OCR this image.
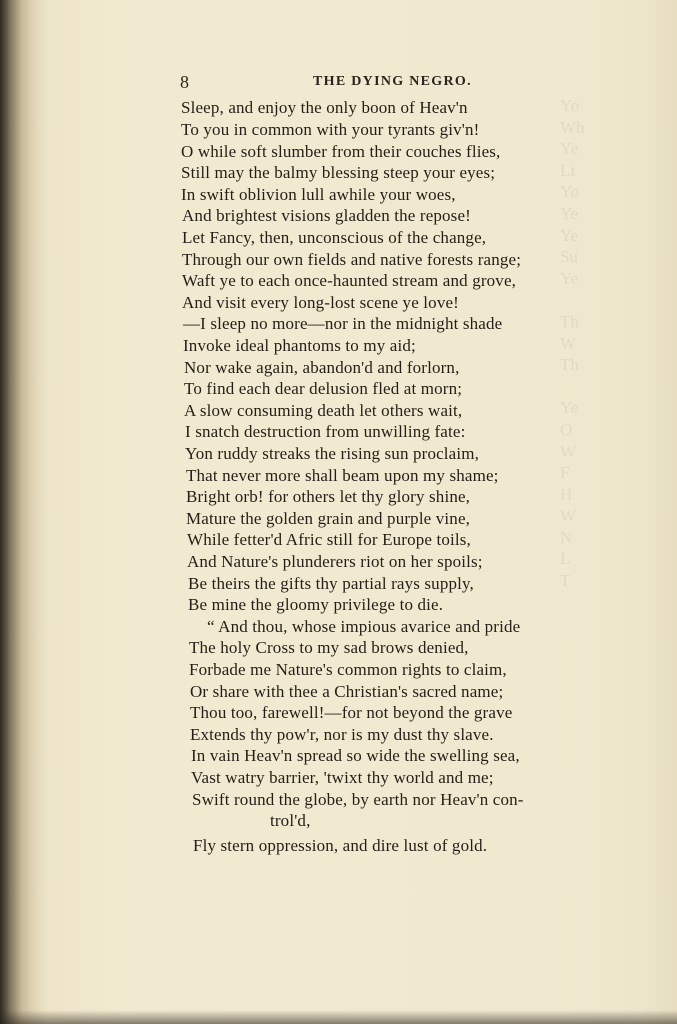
Yo
Wh
Ye
Li
Yo
Ye
Ye
Su
Ye

Th
W
Th

Ye
O
W
F
H
W
N
L
T
8	THE DYING NEGRO.
Sleep, and enjoy the only boon of Heav'n
To you in common with your tyrants giv'n!
O while soft slumber from their couches flies,
Still may the balmy blessing steep your eyes;
In swift oblivion lull awhile your woes,
And brightest visions gladden the repose!
Let Fancy, then, unconscious of the change,
Through our own fields and native forests range;
Waft ye to each once-haunted stream and grove,
And visit every long-lost scene ye love!
—I sleep no more—nor in the midnight shade
Invoke ideal phantoms to my aid;
Nor wake again, abandon'd and forlorn,
To find each dear delusion fled at morn;
A slow consuming death let others wait,
I snatch destruction from unwilling fate:
Yon ruddy streaks the rising sun proclaim,
That never more shall beam upon my shame;
Bright orb! for others let thy glory shine,
Mature the golden grain and purple vine,
While fetter'd Afric still for Europe toils,
And Nature's plunderers riot on her spoils;
Be theirs the gifts thy partial rays supply,
Be mine the gloomy privilege to die.
“ And thou, whose impious avarice and pride
The holy Cross to my sad brows denied,
Forbade me Nature's common rights to claim,
Or share with thee a Christian's sacred name;
Thou too, farewell!—for not beyond the grave
Extends thy pow'r, nor is my dust thy slave.
In vain Heav'n spread so wide the swelling sea,
Vast watry barrier, 'twixt thy world and me;
Swift round the globe, by earth nor Heav'n con-
trol'd,
Fly stern oppression, and dire lust of gold.
